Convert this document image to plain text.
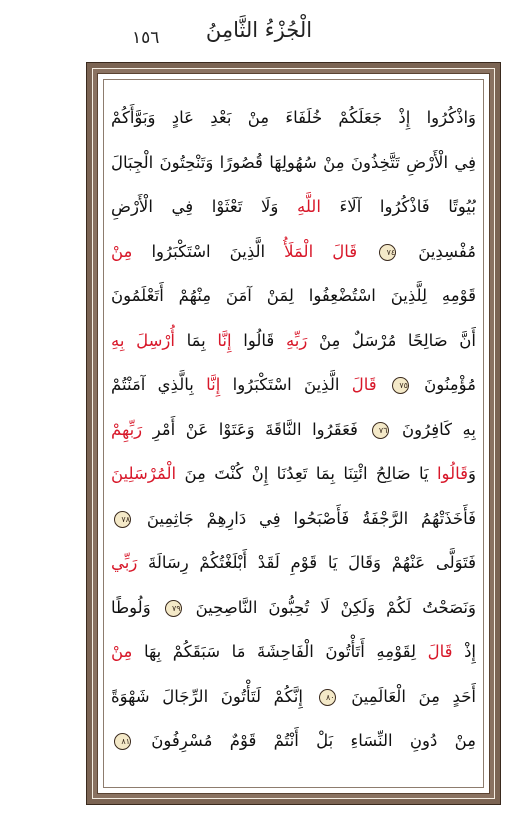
الْجُزْءُ الثَّامِنُ
١٥٦
وَاذْكُرُوا إِذْ جَعَلَكُمْ خُلَفَاءَ مِنْ بَعْدِ عَادٍ وَبَوَّأَكُمْ
فِي الْأَرْضِ تَتَّخِذُونَ مِنْ سُهُولِهَا قُصُورًا وَتَنْحِتُونَ الْجِبَالَ
بُيُوتًا فَاذْكُرُوا آلَاءَ اللَّهِ وَلَا تَعْثَوْا فِي الْأَرْضِ
مُفْسِدِينَ ٧٤ قَالَ الْمَلَأُ الَّذِينَ اسْتَكْبَرُوا مِنْ
قَوْمِهِ لِلَّذِينَ اسْتُضْعِفُوا لِمَنْ آمَنَ مِنْهُمْ أَتَعْلَمُونَ
أَنَّ صَالِحًا مُرْسَلٌ مِنْ رَبِّهِ قَالُوا إِنَّا بِمَا أُرْسِلَ بِهِ
مُؤْمِنُونَ ٧٥ قَالَ الَّذِينَ اسْتَكْبَرُوا إِنَّا بِالَّذِي آمَنْتُمْ
بِهِ كَافِرُونَ ٧٦ فَعَقَرُوا النَّاقَةَ وَعَتَوْا عَنْ أَمْرِ رَبِّهِمْ
وَقَالُوا يَا صَالِحُ ائْتِنَا بِمَا تَعِدُنَا إِنْ كُنْتَ مِنَ الْمُرْسَلِينَ
فَأَخَذَتْهُمُ الرَّجْفَةُ فَأَصْبَحُوا فِي دَارِهِمْ جَاثِمِينَ ٧٨
فَتَوَلَّى عَنْهُمْ وَقَالَ يَا قَوْمِ لَقَدْ أَبْلَغْتُكُمْ رِسَالَةَ رَبِّي
وَنَصَحْتُ لَكُمْ وَلَكِنْ لَا تُحِبُّونَ النَّاصِحِينَ ٧٩ وَلُوطًا
إِذْ قَالَ لِقَوْمِهِ أَتَأْتُونَ الْفَاحِشَةَ مَا سَبَقَكُمْ بِهَا مِنْ
أَحَدٍ مِنَ الْعَالَمِينَ ٨٠ إِنَّكُمْ لَتَأْتُونَ الرِّجَالَ شَهْوَةً
مِنْ دُونِ النِّسَاءِ بَلْ أَنْتُمْ قَوْمٌ مُسْرِفُونَ ٨١
